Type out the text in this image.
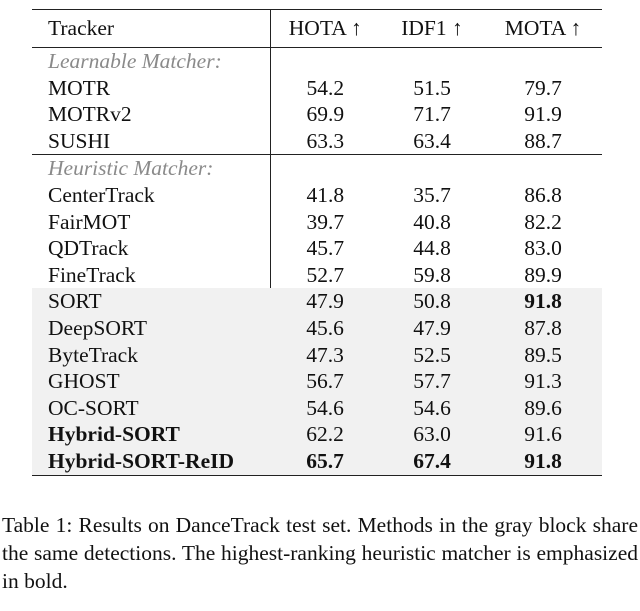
Tracker	HOTA ↑	IDF1 ↑	MOTA ↑
Learnable Matcher:			
MOTR	54.2	51.5	79.7
MOTRv2	69.9	71.7	91.9
SUSHI	63.3	63.4	88.7
Heuristic Matcher:			
CenterTrack	41.8	35.7	86.8
FairMOT	39.7	40.8	82.2
QDTrack	45.7	44.8	83.0
FineTrack	52.7	59.8	89.9
SORT	47.9	50.8	91.8
DeepSORT	45.6	47.9	87.8
ByteTrack	47.3	52.5	89.5
GHOST	56.7	57.7	91.3
OC-SORT	54.6	54.6	89.6
Hybrid-SORT	62.2	63.0	91.6
Hybrid-SORT-ReID	65.7	67.4	91.8
Table 1: Results on DanceTrack test set. Methods in the gray block share the same detections. The highest-ranking heuristic matcher is emphasized in bold.
